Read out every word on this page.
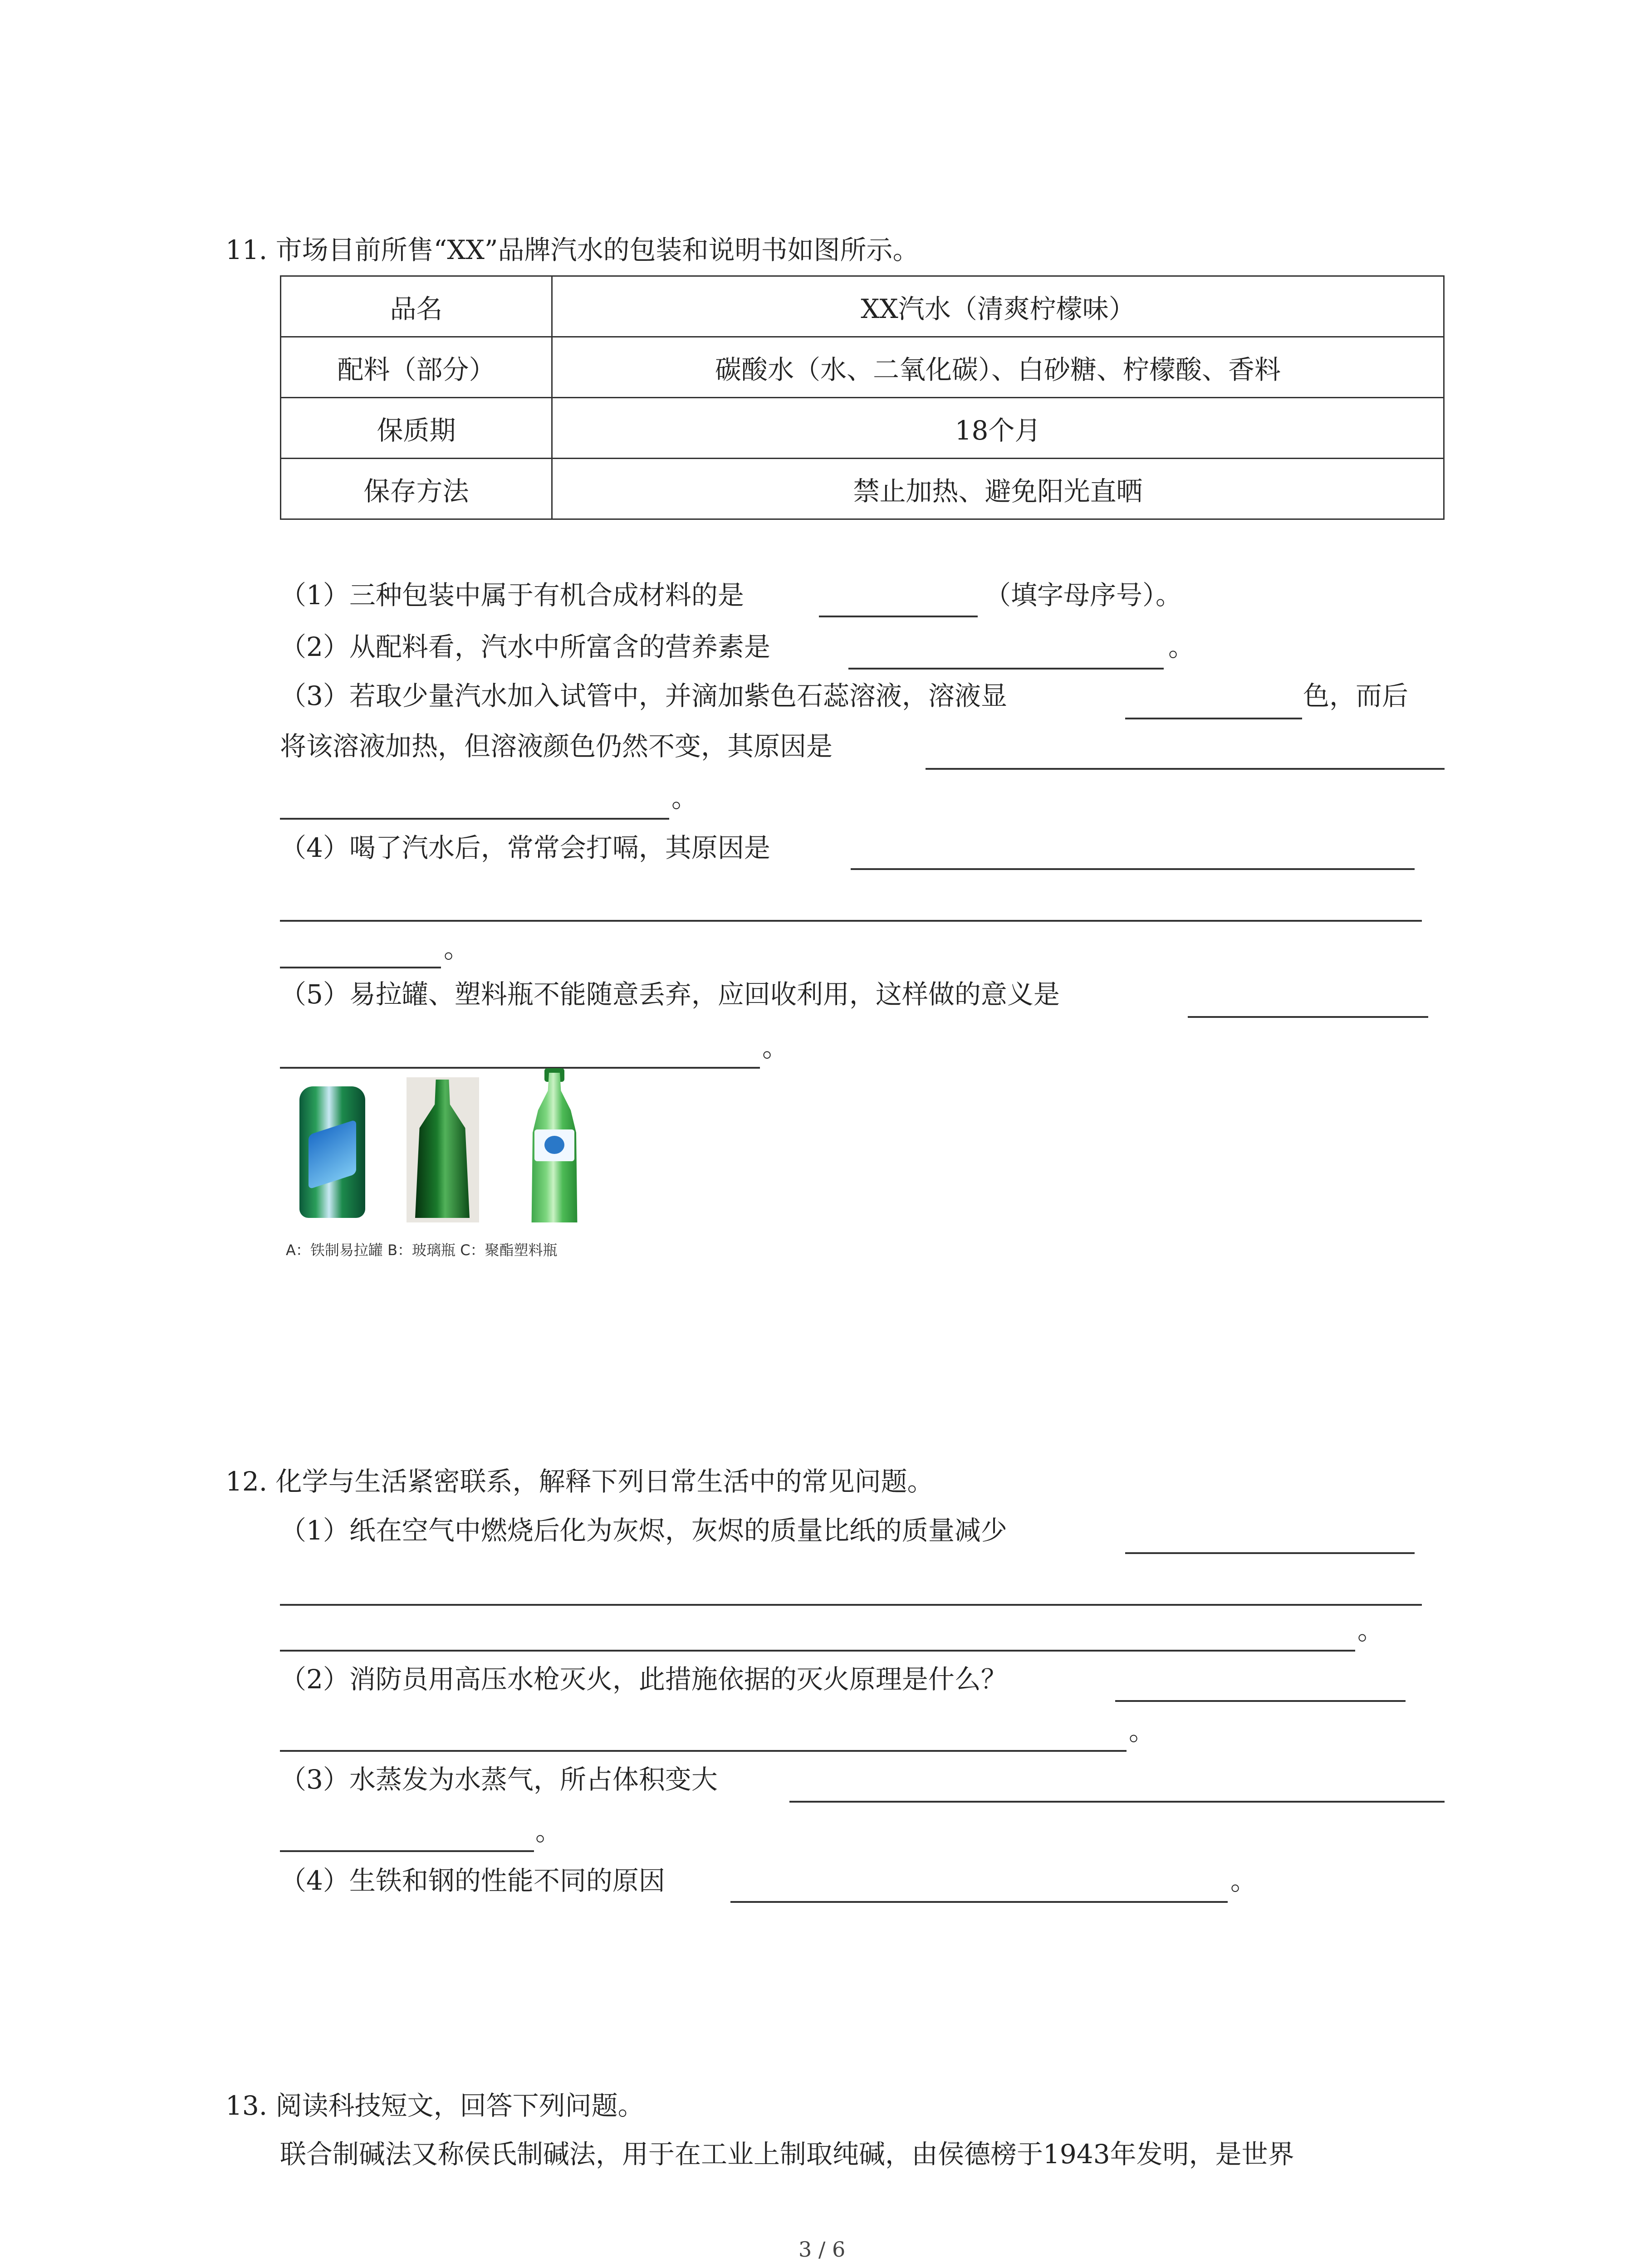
11. 市场目前所售“XX”品牌汽水的包装和说明书如图所示。
品名	XX汽水（清爽柠檬味）
配料（部分）	碳酸水（水、二氧化碳）、白砂糖、柠檬酸、香料
保质期	18个月
保存方法	禁止加热、避免阳光直晒
（1）三种包装中属于有机合成材料的是	（填字母序号）。
（2）从配料看，汽水中所富含的营养素是	。
（3）若取少量汽水加入试管中，并滴加紫色石蕊溶液，溶液显	色，而后
将该溶液加热，但溶液颜色仍然不变，其原因是
。
（4）喝了汽水后，常常会打嗝，其原因是
。
（5）易拉罐、塑料瓶不能随意丢弃，应回收利用，这样做的意义是
。
A：铁制易拉罐 B：玻璃瓶 C：聚酯塑料瓶
12. 化学与生活紧密联系，解释下列日常生活中的常见问题。
（1）纸在空气中燃烧后化为灰烬，灰烬的质量比纸的质量减少
。
（2）消防员用高压水枪灭火，此措施依据的灭火原理是什么？
。
（3）水蒸发为水蒸气，所占体积变大
。
（4）生铁和钢的性能不同的原因	。
13. 阅读科技短文，回答下列问题。
联合制碱法又称侯氏制碱法，用于在工业上制取纯碱，由侯德榜于1943年发明，是世界
3 / 6
